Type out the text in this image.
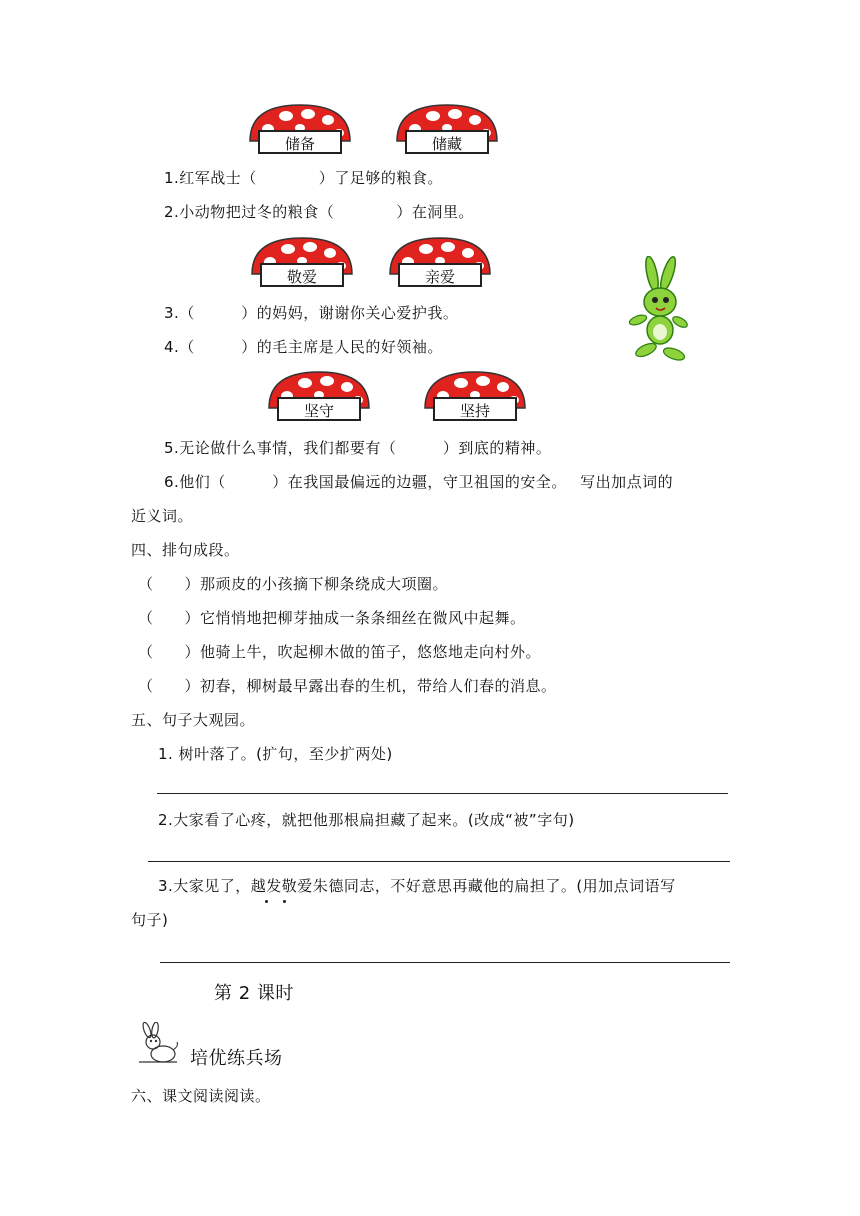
储备	储藏
1.红军战士（　　　　）了足够的粮食。
2.小动物把过冬的粮食（　　　　）在洞里。
敬爱	亲爱
3.（　　　）的妈妈，谢谢你关心爱护我。
4.（　　　）的毛主席是人民的好领袖。
坚守	坚持
5.无论做什么事情，我们都要有（　　　）到底的精神。
6.他们（　　　）在我国最偏远的边疆，守卫祖国的安全。　 写出加点词的
近义词。
四、排句成段。
（　　）那顽皮的小孩摘下柳条绕成大项圈。
（　　）它悄悄地把柳芽抽成一条条细丝在微风中起舞。
（　　）他骑上牛，吹起柳木做的笛子，悠悠地走向村外。
（　　）初春，柳树最早露出春的生机，带给人们春的消息。
五、句子大观园。
1. 树叶落了。(扩句，至少扩两处)
2.大家看了心疼，就把他那根扁担藏了起来。(改成“被”字句)
3.大家见了，越发敬爱朱德同志，不好意思再藏他的扁担了。(用加点词语写
句子)
第 2 课时
培优练兵场
六、课文阅读阅读。
